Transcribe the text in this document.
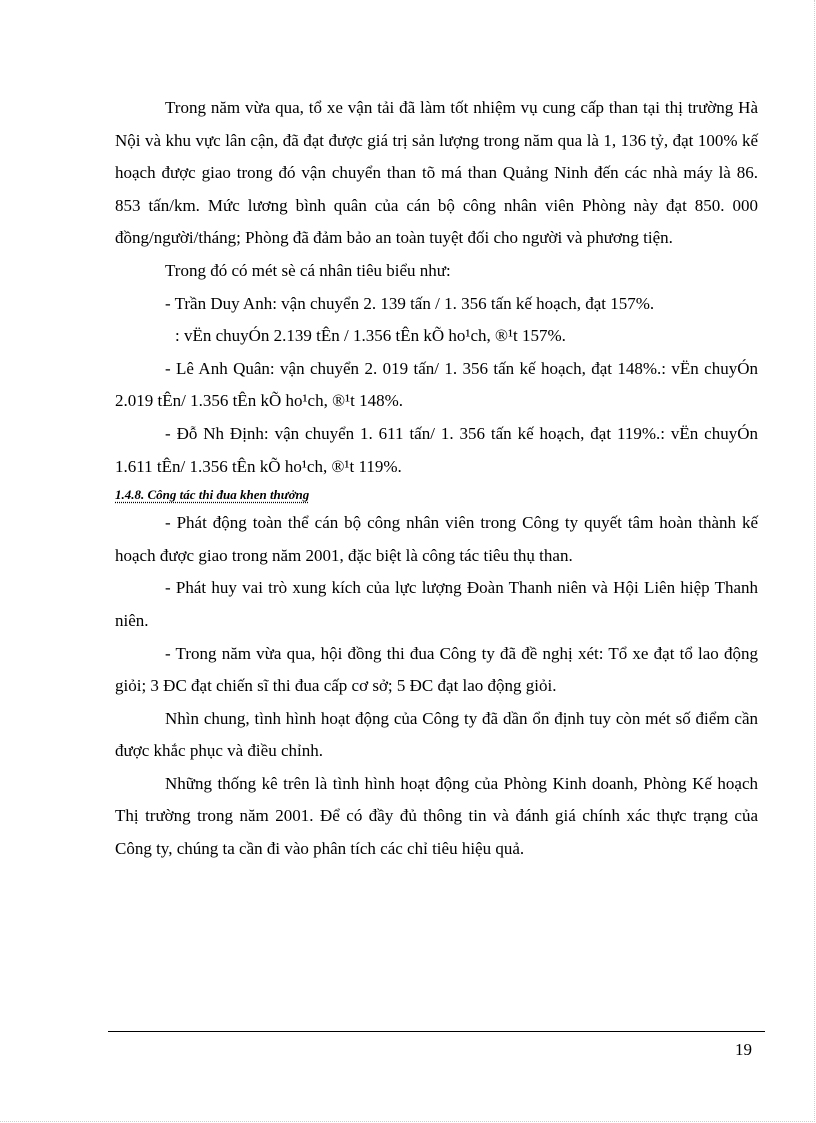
Trong năm vừa qua, tổ xe vận tải đã làm tốt nhiệm vụ cung cấp than tại thị trường Hà Nội và khu vực lân cận, đã đạt được giá trị sản lượng trong năm qua là 1, 136 tỷ, đạt 100% kế hoạch được giao trong đó vận chuyển than tõ má than Quảng Ninh đến các nhà máy là 86. 853 tấn/km. Mức lương bình quân của cán bộ công nhân viên Phòng này đạt 850. 000 đồng/người/tháng; Phòng đã đảm bảo an toàn tuyệt đối cho người và phương tiện.

Trong đó có mét sè cá nhân tiêu biểu như:

- Trần Duy Anh: vận chuyển 2. 139 tấn / 1. 356 tấn kế hoạch, đạt 157%.

: vËn chuyÓn 2.139 tÊn / 1.356 tÊn kÕ ho¹ch, ®¹t 157%.

- Lê Anh Quân: vận chuyển 2. 019 tấn/ 1. 356 tấn kế hoạch, đạt 148%.: vËn chuyÓn 2.019 tÊn/ 1.356 tÊn kÕ ho¹ch, ®¹t 148%.

- Đỗ Nh Định: vận chuyển 1. 611 tấn/ 1. 356 tấn kế hoạch, đạt 119%.: vËn chuyÓn 1.611 tÊn/ 1.356 tÊn kÕ ho¹ch, ®¹t 119%.

1.4.8. Công tác thi đua khen thưởng

- Phát động toàn thể cán bộ công nhân viên trong Công ty quyết tâm hoàn thành kế hoạch được giao trong năm 2001, đặc biệt là công tác tiêu thụ than.

- Phát huy vai trò xung kích của lực lượng Đoàn Thanh niên và Hội Liên hiệp Thanh niên.

- Trong năm vừa qua, hội đồng thi đua Công ty đã đề nghị xét: Tổ xe đạt tổ lao động giỏi; 3 ĐC đạt chiến sĩ thi đua cấp cơ sở; 5 ĐC đạt lao động giỏi.

Nhìn chung, tình hình hoạt động của Công ty đã dần ổn định tuy còn mét số điểm cần được khắc phục và điều chỉnh.

Những thống kê trên là tình hình hoạt động của Phòng Kinh doanh, Phòng Kế hoạch Thị trường trong năm 2001. Để có đầy đủ thông tin và đánh giá chính xác thực trạng của Công ty, chúng ta cần đi vào phân tích các chỉ tiêu hiệu quả.

19
